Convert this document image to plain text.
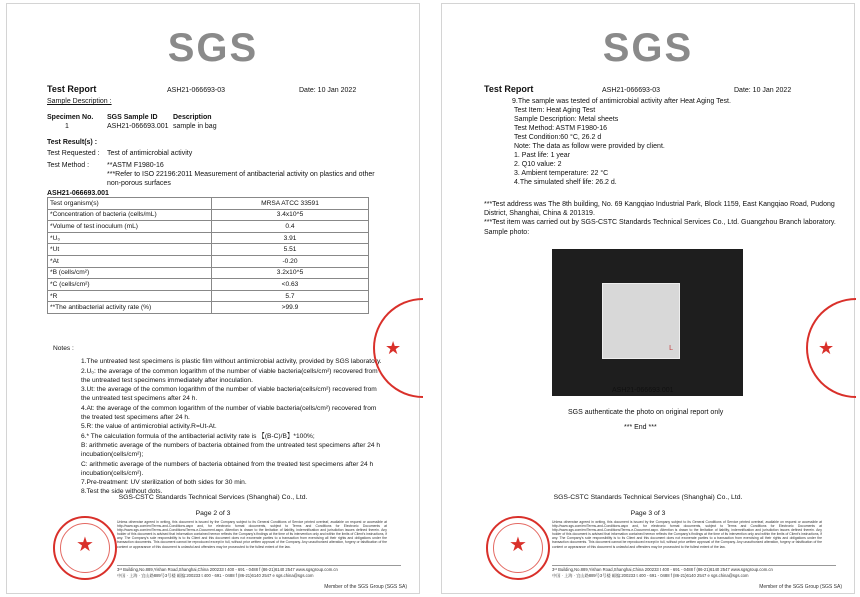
SGS
Test Report	ASH21-066693-03	Date: 10 Jan 2022
Sample Description :
Specimen No. SGS Sample ID Description
1	ASH21-066693.001 sample in bag
Test Result(s) :
Test Requested : Test of antimicrobial activity
Test Method :	**ASTM F1980-16
***Refer to ISO 22196:2011 Measurement of antibacterial activity on plastics and other
non-porous surfaces
ASH21-066693.001
Test organism(s)	MRSA ATCC 33591
*Concentration of bacteria (cells/mL)	3.4x10^5
*Volume of test inoculum (mL)	0.4
*U₀	3.91
*Ut	5.51
*At	-0.20
*B (cells/cm²)	3.2x10^5
*C (cells/cm²)	<0.63
*R	5.7
**The antibacterial activity rate (%)	>99.9
Notes :
1.The untreated test specimens is plastic film without antimicrobial activity, provided by SGS laboratory.
2.U₀: the average of the common logarithm of the number of viable bacteria(cells/cm²) recovered from the untreated test specimens immediately after inoculation.
3.Ut: the average of the common logarithm of the number of viable bacteria(cells/cm²) recovered from the untreated test specimens after 24 h.
4.At: the average of the common logarithm of the number of viable bacteria(cells/cm²) recovered from the treated test specimens after 24 h.
5.R: the value of antimicrobial activity.R=Ut-At.
6.* The calculation formula of the antibacterial activity rate is 【(B-C)/B】*100%;
B: arithmetic average of the numbers of bacteria obtained from the untreated test specimens after 24 h incubation(cells/cm²);
C: arithmetic average of the numbers of bacteria obtained from the treated test specimens after 24 h incubation(cells/cm²).
7.Pre-treatment: UV sterilization of both sides for 30 min.
8.Test the side without dots.
SGS-CSTC Standards Technical Services (Shanghai) Co., Ltd.
Page 2 of 3
Unless otherwise agreed in writing, this document is issued by the Company subject to its General Conditions of Service printed overleaf, available on request or accessible at http://www.sgs.com/en/Terms-and-Conditions.aspx and, for electronic format documents, subject to Terms and Conditions for Electronic Documents at http://www.sgs.com/en/Terms-and-Conditions/Terms-e-Document.aspx. Attention is drawn to the limitation of liability, indemnification and jurisdiction issues defined therein. Any holder of this document is advised that information contained hereon reflects the Company's findings at the time of its intervention only and within the limits of Client's instructions, if any. The Company's sole responsibility is to its Client and this document does not exonerate parties to a transaction from exercising all their rights and obligations under the transaction documents. This document cannot be reproduced except in full, without prior written approval of the Company. Any unauthorized alteration, forgery or falsification of the content or appearance of this document is unlawful and offenders may be prosecuted to the fullest extent of the law.
3ʳᵈ Building,No.889,Yishan Road,Shanghai,China 200233 t 400 - 691 - 0488 f (86-21)6140 2547 www.sgsgroup.com.cn
中国 · 上海 · 宜山路889号3号楼 邮编:200233 t 400 - 691 - 0488 f (86-21)6140 2547 e sgs.china@sgs.com
Member of the SGS Group (SGS SA)
★
★
SGS
Test Report	ASH21-066693-03	Date: 10 Jan 2022
9.The sample was tested of antimicrobial activity after Heat Aging Test.
Test Item: Heat Aging Test
Sample Description: Metal sheets
Test Method: ASTM F1980-16
Test Condition:60 °C, 26.2 d
Note: The data as follow were provided by client.
1. Past life: 1 year
2. Q10 value: 2
3. Ambient temperature: 22 °C
4.The simulated shelf life: 26.2 d.
***Test address was The 8th building, No. 69 Kangqiao Industrial Park, Block 1159, East Kangqiao Road, Pudong
District, Shanghai, China & 201319.
***Test item was carried out by SGS-CSTC Standards Technical Services Co., Ltd. Guangzhou Branch laboratory.
Sample photo:
L
ASH21-066693.001
SGS authenticate the photo on original report only
*** End ***
SGS-CSTC Standards Technical Services (Shanghai) Co., Ltd.
Page 3 of 3
Unless otherwise agreed in writing, this document is issued by the Company subject to its General Conditions of Service printed overleaf, available on request or accessible at http://www.sgs.com/en/Terms-and-Conditions.aspx and, for electronic format documents, subject to Terms and Conditions for Electronic Documents at http://www.sgs.com/en/Terms-and-Conditions/Terms-e-Document.aspx. Attention is drawn to the limitation of liability, indemnification and jurisdiction issues defined therein. Any holder of this document is advised that information contained hereon reflects the Company's findings at the time of its intervention only and within the limits of Client's instructions, if any. The Company's sole responsibility is to its Client and this document does not exonerate parties to a transaction from exercising all their rights and obligations under the transaction documents. This document cannot be reproduced except in full, without prior written approval of the Company. Any unauthorized alteration, forgery or falsification of the content or appearance of this document is unlawful and offenders may be prosecuted to the fullest extent of the law.
3ʳᵈ Building,No.889,Yishan Road,Shanghai,China 200233 t 400 - 691 - 0488 f (86-21)6140 2547 www.sgsgroup.com.cn
中国 · 上海 · 宜山路889号3号楼 邮编:200233 t 400 - 691 - 0488 f (86-21)6140 2547 e sgs.china@sgs.com
Member of the SGS Group (SGS SA)
★
★
